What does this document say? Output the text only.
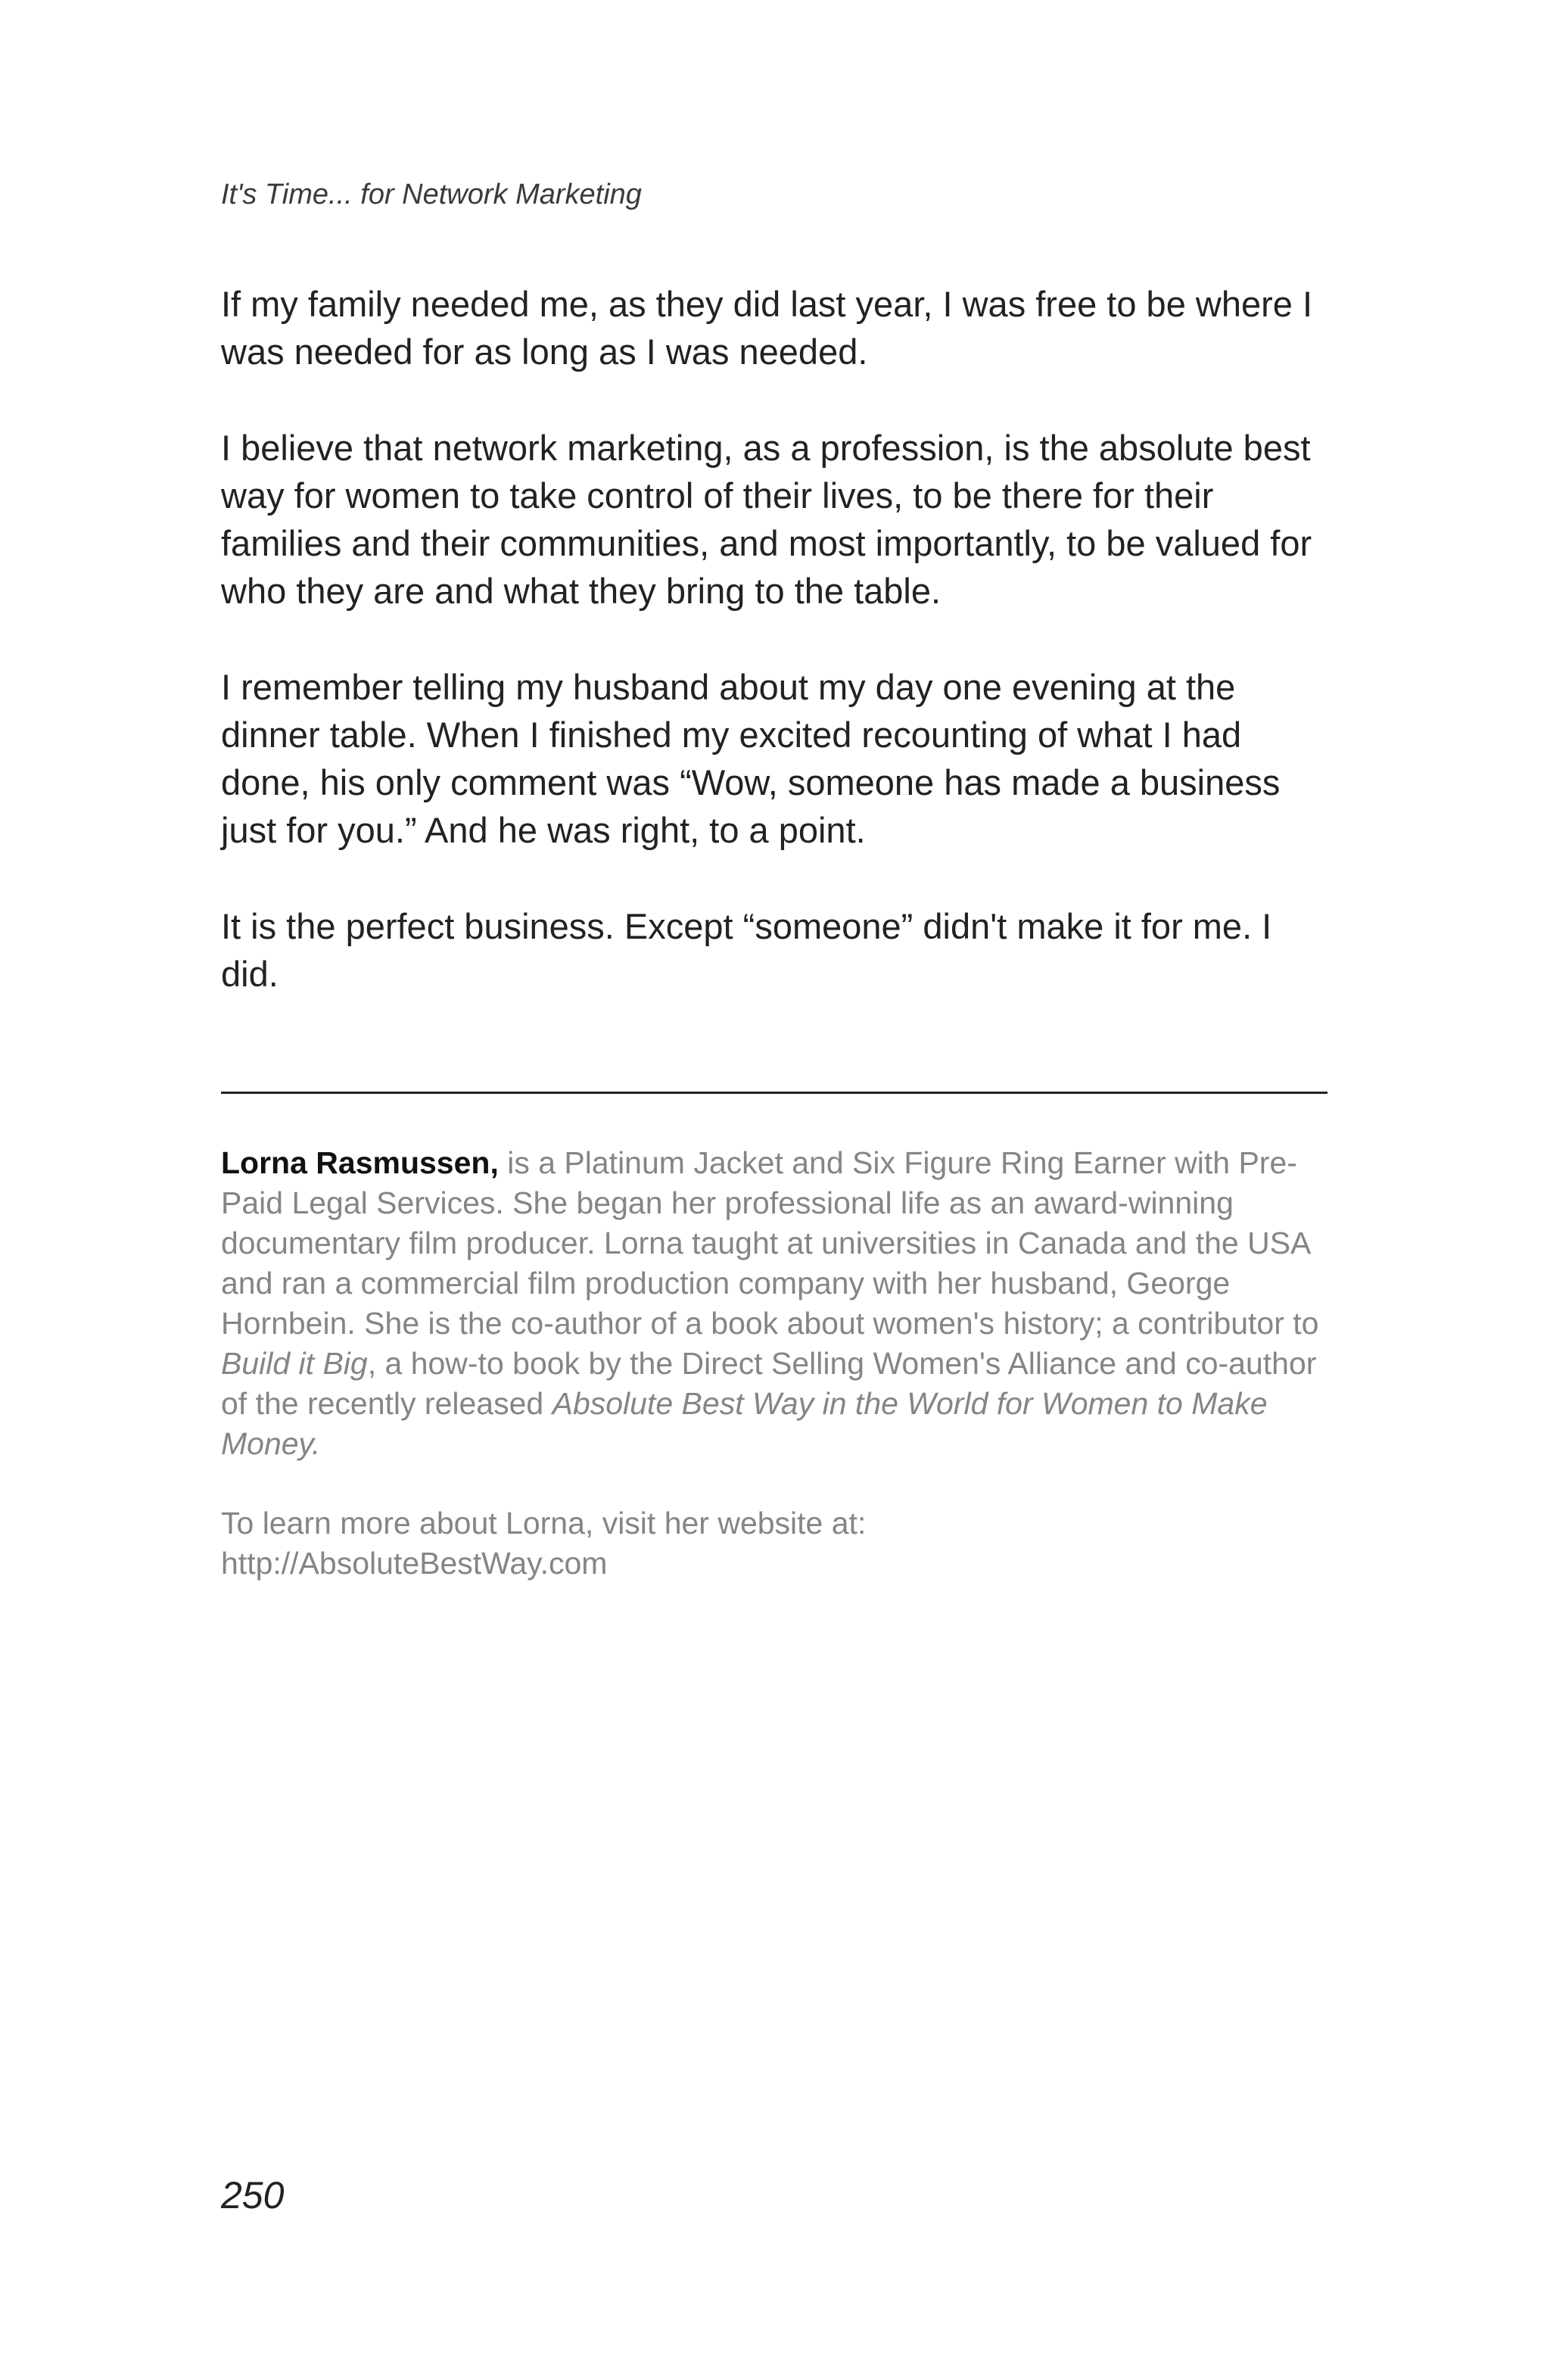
It's Time... for Network Marketing

If my family needed me, as they did last year, I was free to be where I was needed for as long as I was needed.

I believe that network marketing, as a profession, is the absolute best way for women to take control of their lives, to be there for their families and their communities, and most importantly, to be valued for who they are and what they bring to the table.

I remember telling my husband about my day one evening at the dinner table. When I finished my excited recounting of what I had done, his only comment was “Wow, someone has made a business just for you.” And he was right, to a point.

It is the perfect business. Except “someone” didn't make it for me. I did.

Lorna Rasmussen, is a Platinum Jacket and Six Figure Ring Earner with Pre-Paid Legal Services. She began her professional life as an award-winning documentary film producer. Lorna taught at universities in Canada and the USA and ran a commercial film production company with her husband, George Hornbein. She is the co-author of a book about women's history; a contributor to Build it Big, a how-to book by the Direct Selling Women's Alliance and co-author of the recently released Absolute Best Way in the World for Women to Make Money.

To learn more about Lorna, visit her website at:
http://AbsoluteBestWay.com

250
